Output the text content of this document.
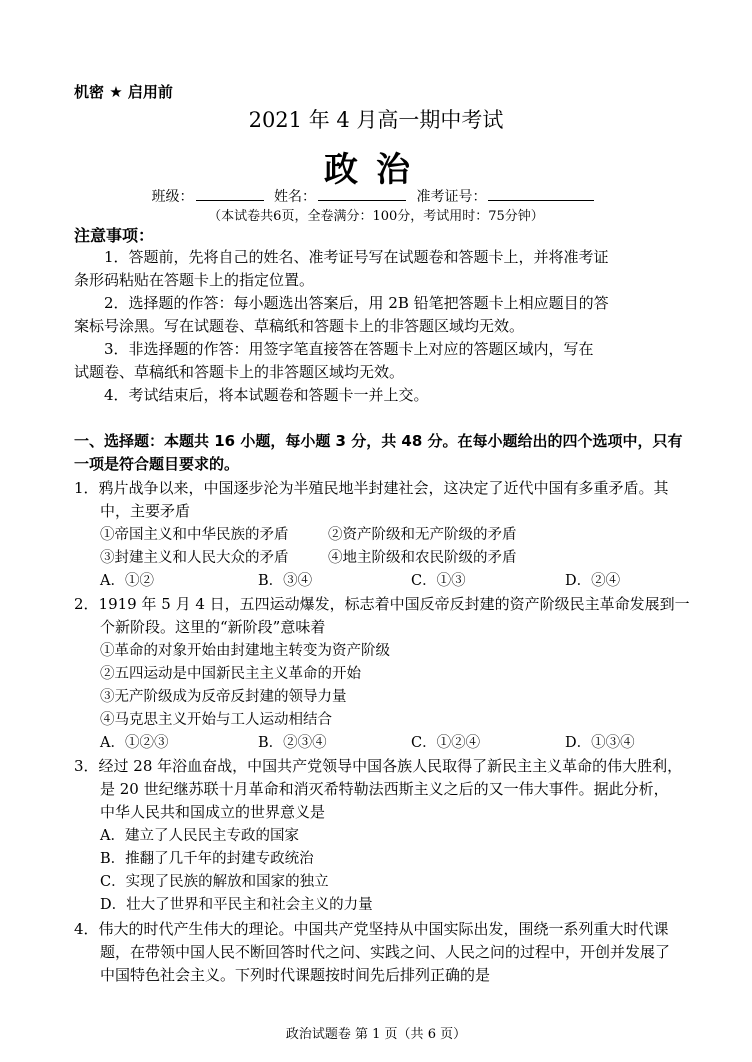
机密 ★ 启用前
2021 年 4 月高一期中考试
政治
班级：	姓名：	准考证号：
（本试卷共6页，全卷满分：100分，考试用时：75分钟）
注意事项：
1．答题前，先将自己的姓名、准考证号写在试题卷和答题卡上，并将准考证
条形码粘贴在答题卡上的指定位置。
2．选择题的作答：每小题选出答案后，用 2B 铅笔把答题卡上相应题目的答
案标号涂黑。写在试题卷、草稿纸和答题卡上的非答题区域均无效。
3．非选择题的作答：用签字笔直接答在答题卡上对应的答题区域内，写在
试题卷、草稿纸和答题卡上的非答题区域均无效。
4．考试结束后，将本试题卷和答题卡一并上交。
一、选择题：本题共 16 小题，每小题 3 分，共 48 分。在每小题给出的四个选项中，只有
一项是符合题目要求的。
1．鸦片战争以来，中国逐步沦为半殖民地半封建社会，这决定了近代中国有多重矛盾。其
中，主要矛盾
①帝国主义和中华民族的矛盾	②资产阶级和无产阶级的矛盾
③封建主义和人民大众的矛盾	④地主阶级和农民阶级的矛盾
A．①②	B．③④	C．①③	D．②④
2．1919 年 5 月 4 日，五四运动爆发，标志着中国反帝反封建的资产阶级民主革命发展到一
个新阶段。这里的“新阶段”意味着
①革命的对象开始由封建地主转变为资产阶级
②五四运动是中国新民主主义革命的开始
③无产阶级成为反帝反封建的领导力量
④马克思主义开始与工人运动相结合
A．①②③	B．②③④	C．①②④	D．①③④
3．经过 28 年浴血奋战，中国共产党领导中国各族人民取得了新民主主义革命的伟大胜利，
是 20 世纪继苏联十月革命和消灭希特勒法西斯主义之后的又一伟大事件。据此分析，
中华人民共和国成立的世界意义是
A．建立了人民民主专政的国家
B．推翻了几千年的封建专政统治
C．实现了民族的解放和国家的独立
D．壮大了世界和平民主和社会主义的力量
4．伟大的时代产生伟大的理论。中国共产党坚持从中国实际出发，围绕一系列重大时代课
题，在带领中国人民不断回答时代之问、实践之问、人民之问的过程中，开创并发展了
中国特色社会主义。下列时代课题按时间先后排列正确的是
政治试题卷 第 1 页（共 6 页）
